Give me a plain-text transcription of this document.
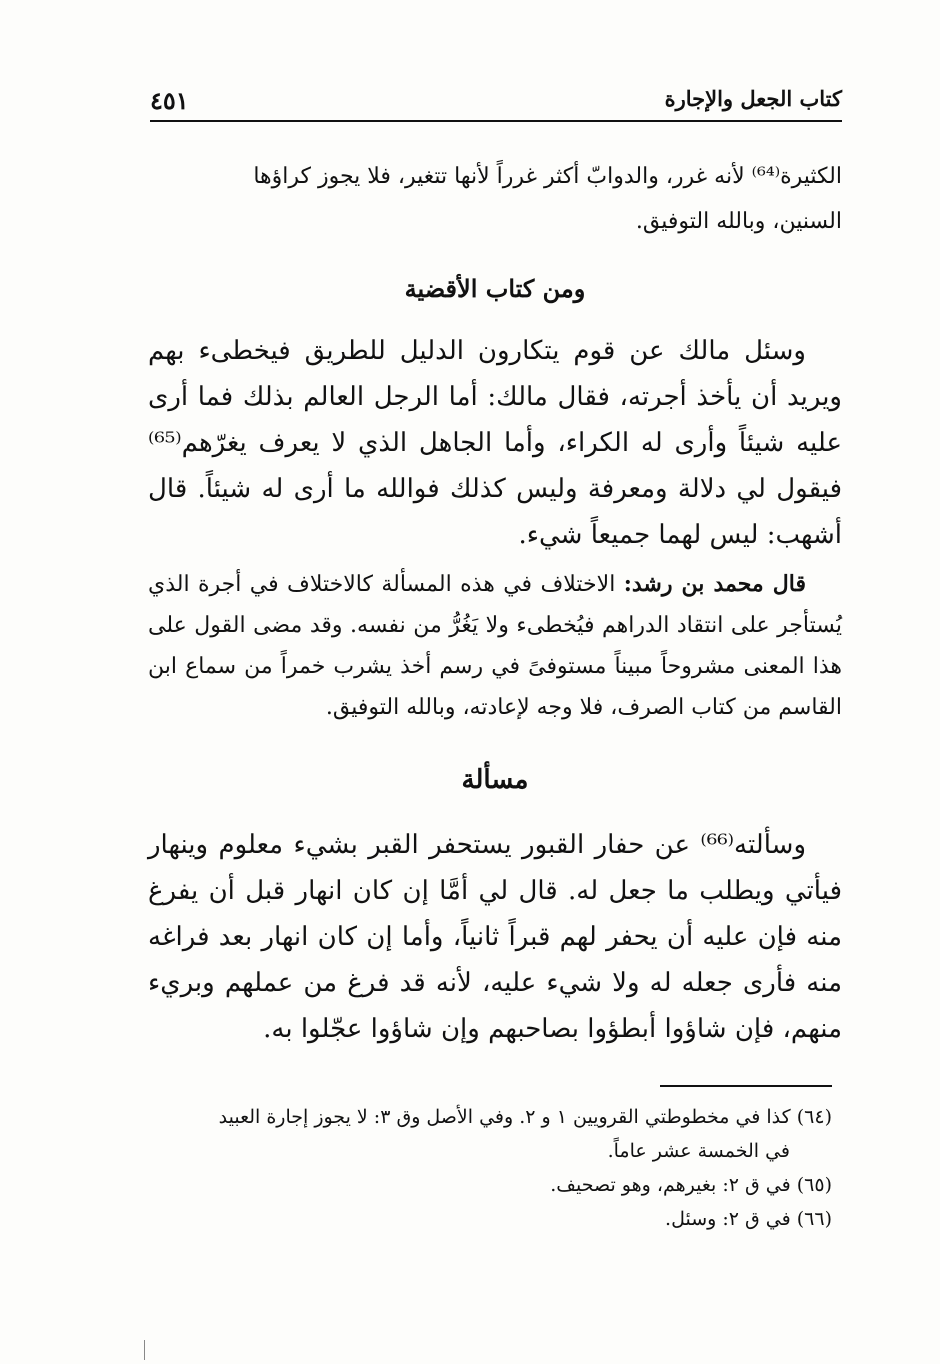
كتاب الجعل والإجارة
٤٥١
الكثيرة⁽⁶⁴⁾ لأنه غرر، والدوابّ أكثر غرراً لأنها تتغير، فلا يجوز كراؤها
السنين، وبالله التوفيق.
ومن كتاب الأقضية
وسئل مالك عن قوم يتكارون الدليل للطريق فيخطىء بهم ويريد أن يأخذ أجرته، فقال مالك: أما الرجل العالم بذلك فما أرى عليه شيئاً وأرى له الكراء، وأما الجاهل الذي لا يعرف يغرّهم⁽⁶⁵⁾ فيقول لي دلالة ومعرفة وليس كذلك فوالله ما أرى له شيئاً. قال أشهب: ليس لهما جميعاً شيء.
قال محمد بن رشد: الاختلاف في هذه المسألة كالاختلاف في أجرة الذي يُستأجر على انتقاد الدراهم فيُخطىء ولا يَغُرُّ من نفسه. وقد مضى القول على هذا المعنى مشروحاً مبيناً مستوفىً في رسم أخذ يشرب خمراً من سماع ابن القاسم من كتاب الصرف، فلا وجه لإعادته، وبالله التوفيق.
مسألة
وسألته⁽⁶⁶⁾ عن حفار القبور يستحفر القبر بشيء معلوم وينهار فيأتي ويطلب ما جعل له. قال لي أمَّا إن كان انهار قبل أن يفرغ منه فإن عليه أن يحفر لهم قبراً ثانياً، وأما إن كان انهار بعد فراغه منه فأرى جعله له ولا شيء عليه، لأنه قد فرغ من عملهم وبريء منهم، فإن شاؤوا أبطؤوا بصاحبهم وإن شاؤوا عجّلوا به.

(٦٤) كذا في مخطوطتي القرويين ١ و ٢. وفي الأصل وق ٣: لا يجوز إجارة العبيد

في الخمسة عشر عاماً.

(٦٥) في ق ٢: بغيرهم، وهو تصحيف.

(٦٦) في ق ٢: وسئل.
